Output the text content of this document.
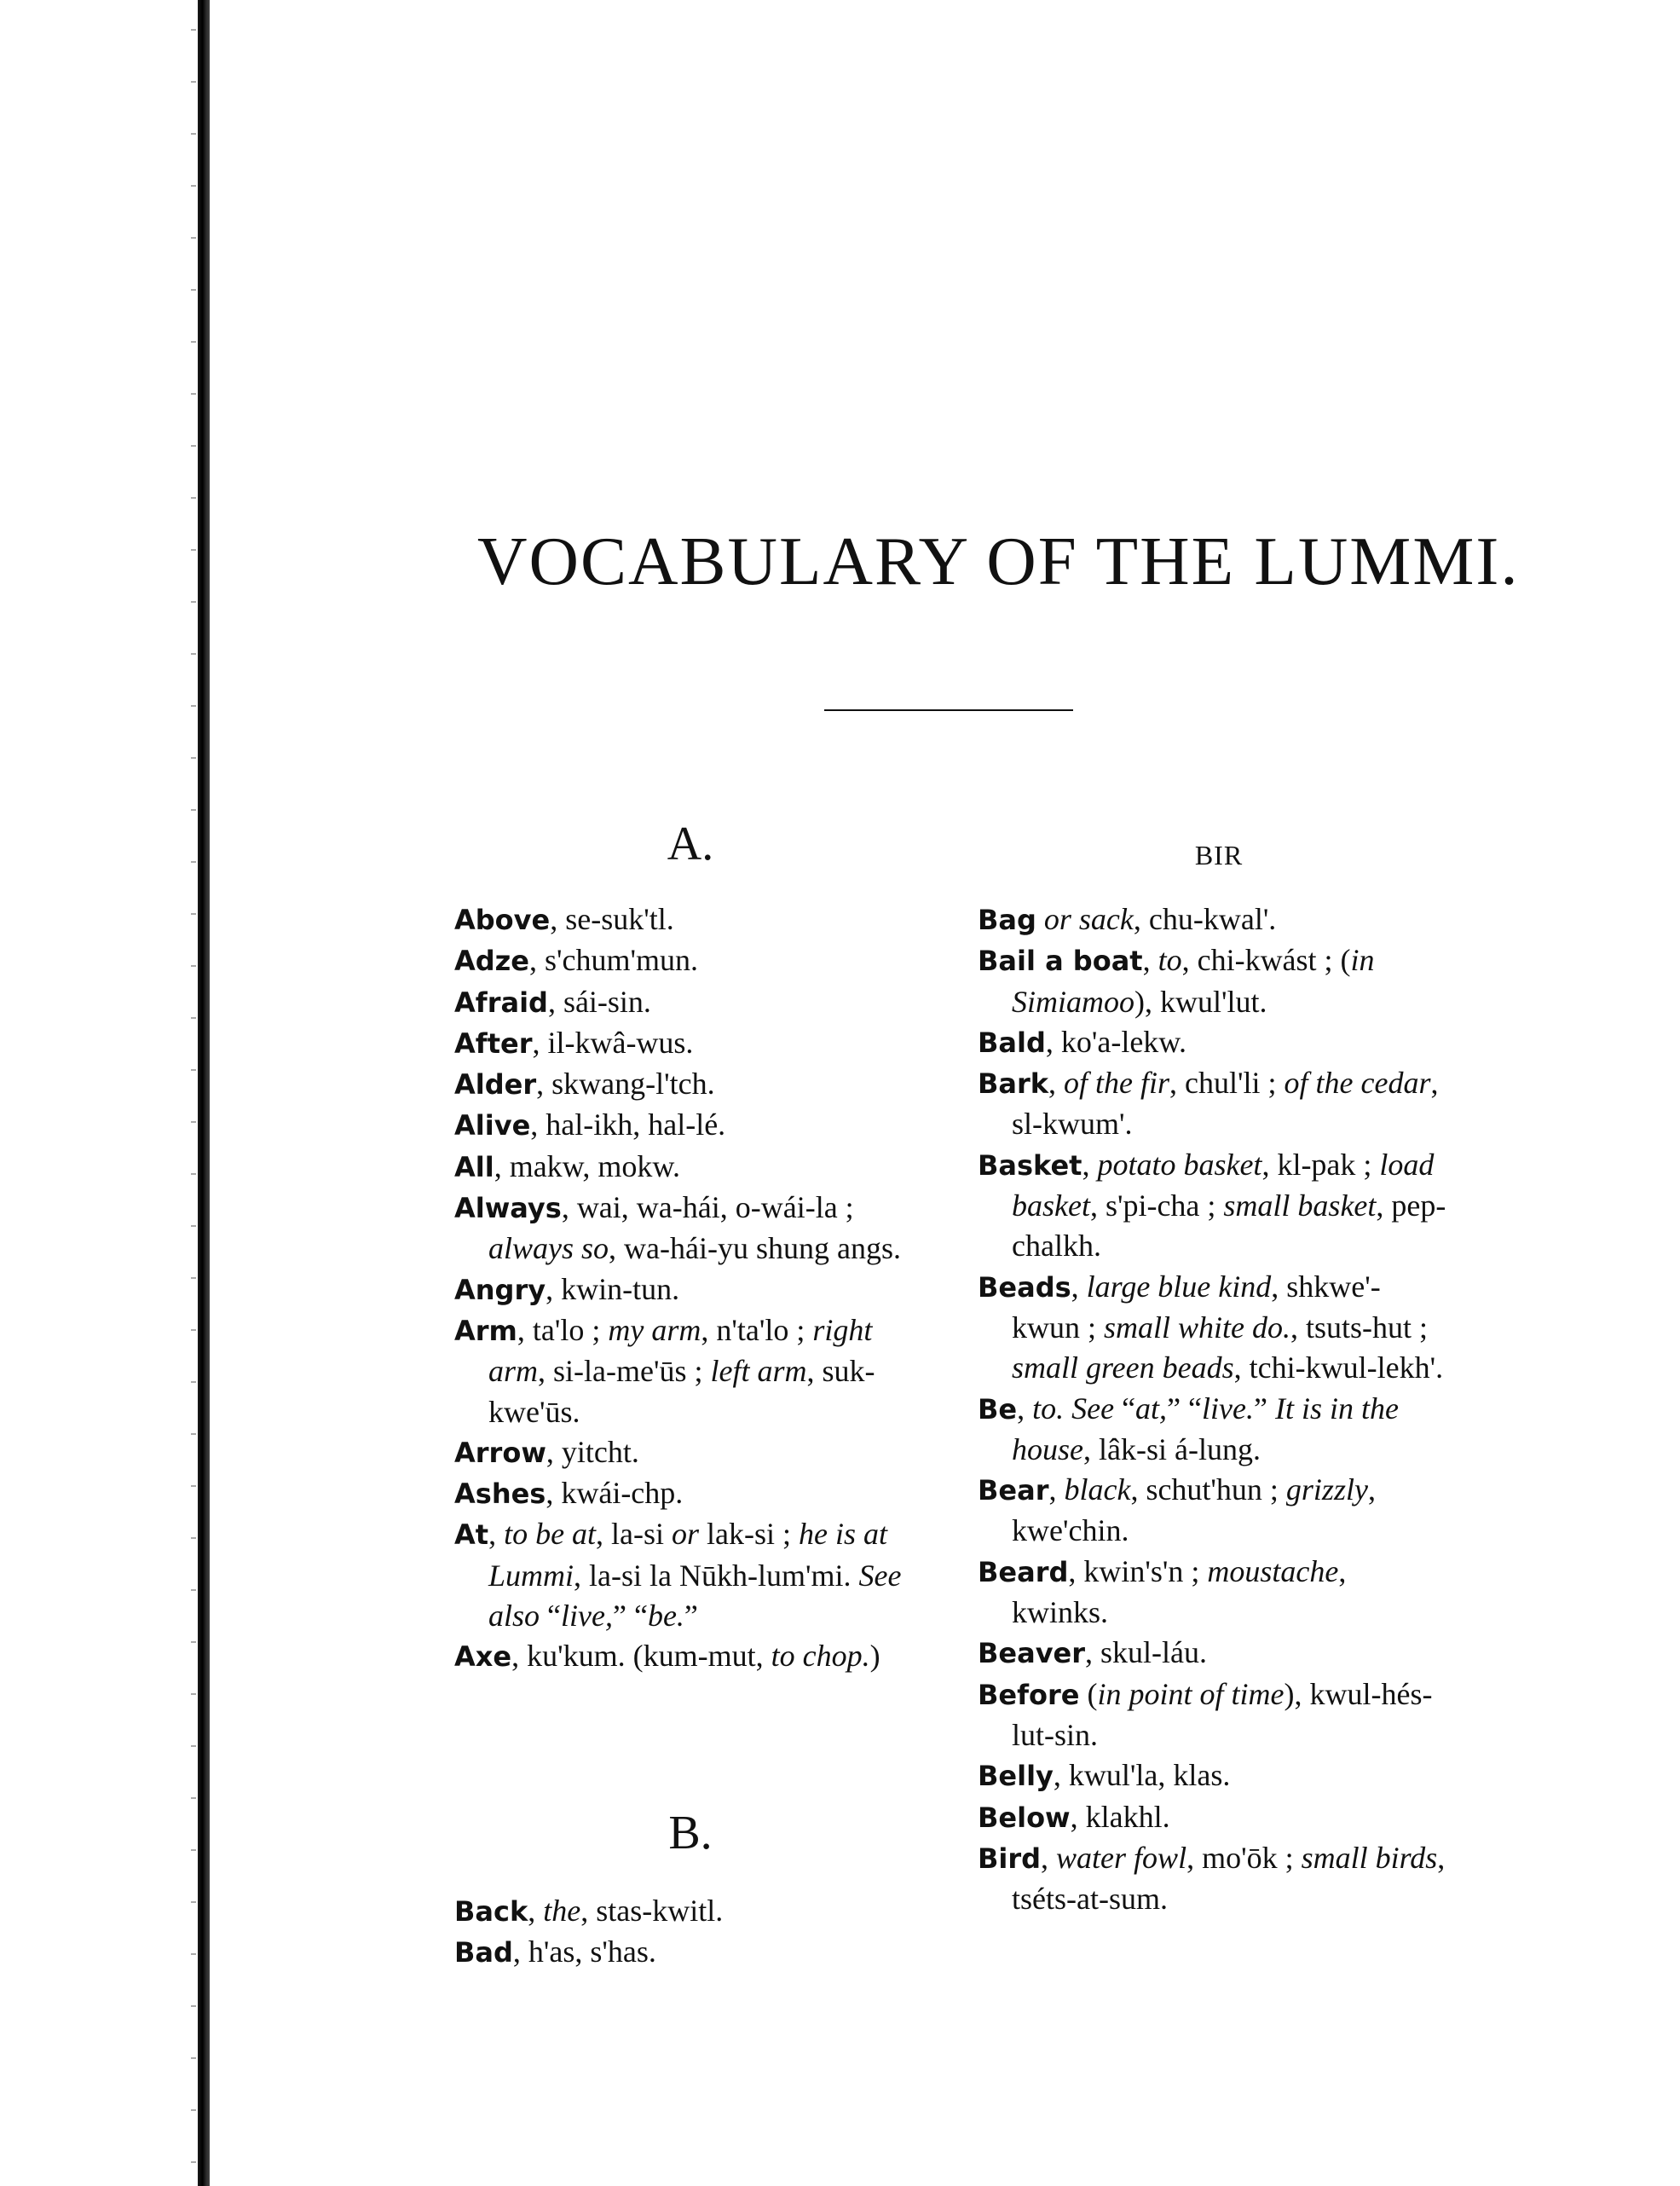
VOCABULARY OF THE LUMMI.
A.	BIR

Above, se-suk'tl.

Adze, s'chum'mun.

Afraid, sái-sin.

After, il-kwâ-wus.

Alder, skwang-l'tch.

Alive, hal-ikh, hal-lé.

All, makw, mokw.

Always, wai, wa-hái, o-wái-la ; always so, wa-hái-yu shung angs.

Angry, kwin-tun.

Arm, ta'lo ; my arm, n'ta'lo ; right arm, si-la-me'ūs ; left arm, suk-kwe'ūs.

Arrow, yitcht.

Ashes, kwái-chp.

At, to be at, la-si or lak-si ; he is at Lummi, la-si la Nūkh-lum'mi. See also “live,” “be.”

Axe, ku'kum. (kum-mut, to chop.)

B.

Back, the, stas-kwitl.

Bad, h'as, s'has.

Bag or sack, chu-kwal'.

Bail a boat, to, chi-kwást ; (in Simiamoo), kwul'lut.

Bald, ko'a-lekw.

Bark, of the fir, chul'li ; of the cedar, sl-kwum'.

Basket, potato basket, kl-pak ; load basket, s'pi-cha ; small basket, pep-chalkh.

Beads, large blue kind, shkwe'-kwun ; small white do., tsuts-hut ; small green beads, tchi-kwul-lekh'.

Be, to. See “at,” “live.” It is in the house, lâk-si á-lung.

Bear, black, schut'hun ; grizzly, kwe'chin.

Beard, kwin's'n ; moustache, kwinks.

Beaver, skul-láu.

Before (in point of time), kwul-hés-lut-sin.

Belly, kwul'la, klas.

Below, klakhl.

Bird, water fowl, mo'ōk ; small birds, tséts-at-sum.
